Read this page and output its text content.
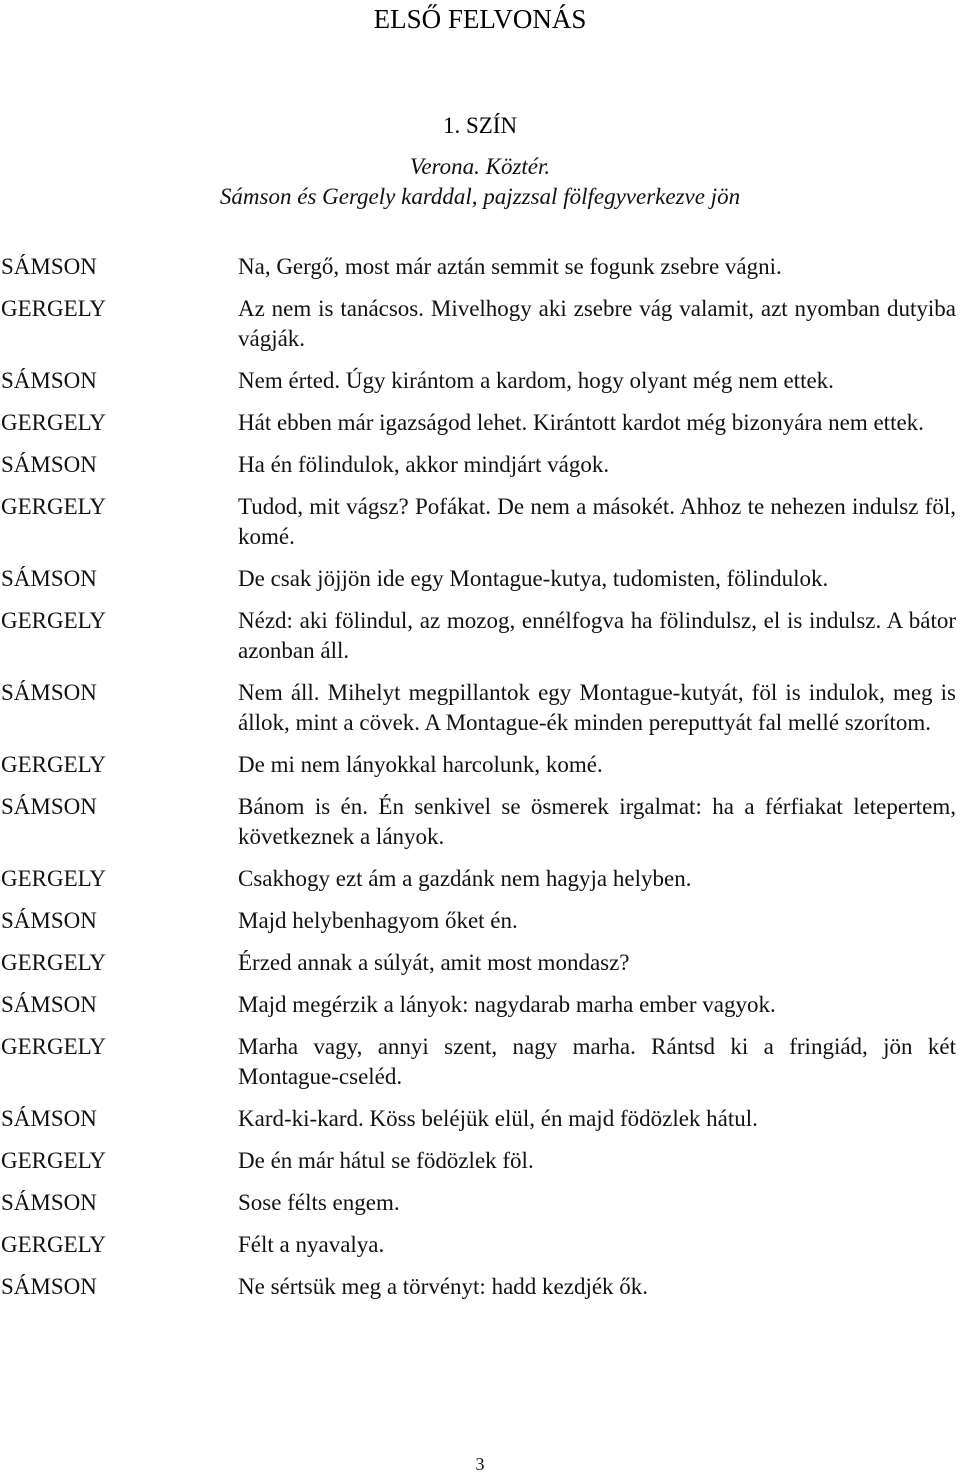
ELSŐ FELVONÁS
1. SZÍN
Verona. Köztér.
Sámson és Gergely karddal, pajzzsal fölfegyverkezve jön
SÁMSON	Na, Gergő, most már aztán semmit se fogunk zsebre vágni.
GERGELY	Az nem is tanácsos. Mivelhogy aki zsebre vág valamit, azt nyomban dutyiba vágják.
SÁMSON	Nem érted. Úgy kirántom a kardom, hogy olyant még nem ettek.
GERGELY	Hát ebben már igazságod lehet. Kirántott kardot még bizonyára nem ettek.
SÁMSON	Ha én fölindulok, akkor mindjárt vágok.
GERGELY	Tudod, mit vágsz? Pofákat. De nem a másokét. Ahhoz te nehezen indulsz föl, komé.
SÁMSON	De csak jöjjön ide egy Montague-kutya, tudomisten, fölindulok.
GERGELY	Nézd: aki fölindul, az mozog, ennélfogva ha fölindulsz, el is indulsz. A bátor azonban áll.
SÁMSON	Nem áll. Mihelyt megpillantok egy Montague-kutyát, föl is indulok, meg is állok, mint a cövek. A Montague-ék minden pereputtyát fal mellé szorítom.
GERGELY	De mi nem lányokkal harcolunk, komé.
SÁMSON	Bánom is én. Én senkivel se ösmerek irgalmat: ha a férfiakat letepertem, következnek a lányok.
GERGELY	Csakhogy ezt ám a gazdánk nem hagyja helyben.
SÁMSON	Majd helybenhagyom őket én.
GERGELY	Érzed annak a súlyát, amit most mondasz?
SÁMSON	Majd megérzik a lányok: nagydarab marha ember vagyok.
GERGELY	Marha vagy, annyi szent, nagy marha. Rántsd ki a fringiád, jön két Montague-cseléd.
SÁMSON	Kard-ki-kard. Köss beléjük elül, én majd födözlek hátul.
GERGELY	De én már hátul se födözlek föl.
SÁMSON	Sose félts engem.
GERGELY	Félt a nyavalya.
SÁMSON	Ne sértsük meg a törvényt: hadd kezdjék ők.
3
